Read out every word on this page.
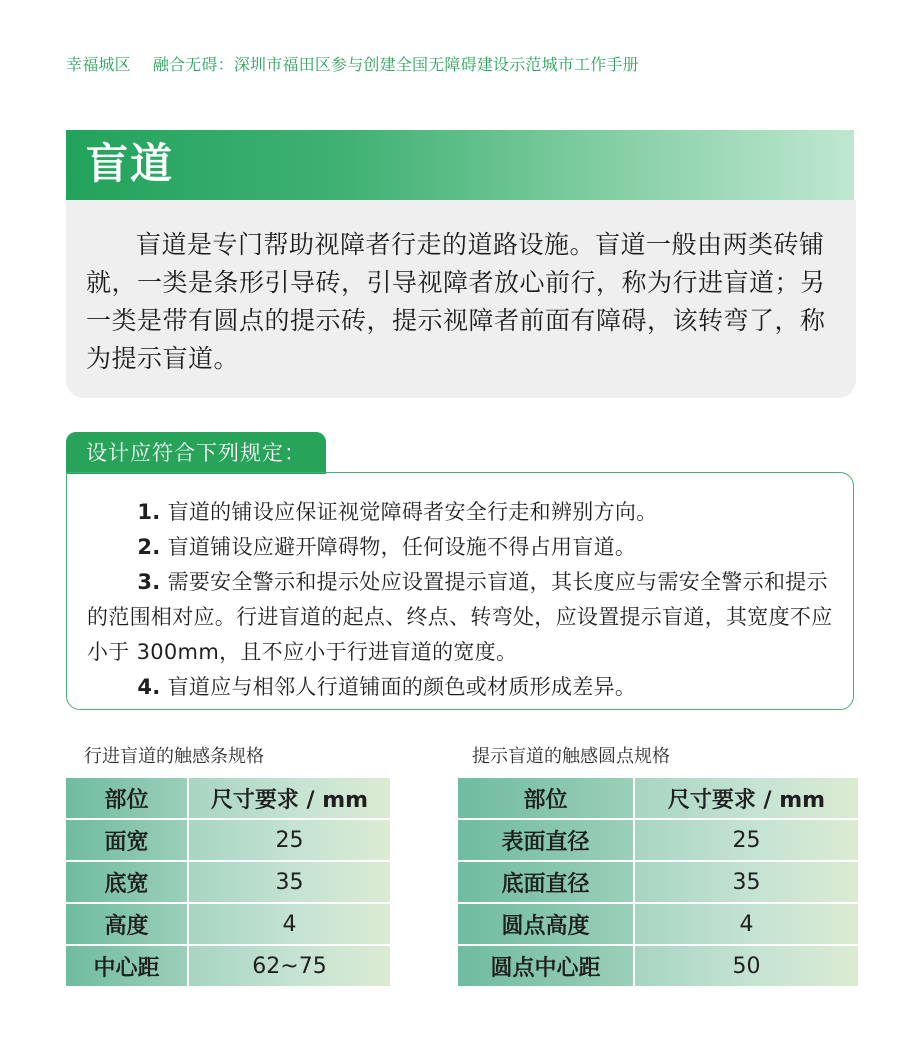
幸福城区 融合无碍：深圳市福田区参与创建全国无障碍建设示范城市工作手册
盲道

盲道是专门帮助视障者行走的道路设施。盲道一般由两类砖铺就，一类是条形引导砖，引导视障者放心前行，称为行进盲道；另一类是带有圆点的提示砖，提示视障者前面有障碍，该转弯了，称为提示盲道。

设计应符合下列规定：

1. 盲道的铺设应保证视觉障碍者安全行走和辨别方向。

2. 盲道铺设应避开障碍物，任何设施不得占用盲道。

3. 需要安全警示和提示处应设置提示盲道，其长度应与需安全警示和提示的范围相对应。行进盲道的起点、终点、转弯处，应设置提示盲道，其宽度不应小于 300mm，且不应小于行进盲道的宽度。

4. 盲道应与相邻人行道铺面的颜色或材质形成差异。

行进盲道的触感条规格	提示盲道的触感圆点规格
部位	尺寸要求 / mm
面宽	25
底宽	35
高度	4
中心距	62~75
部位	尺寸要求 / mm
表面直径	25
底面直径	35
圆点高度	4
圆点中心距	50
